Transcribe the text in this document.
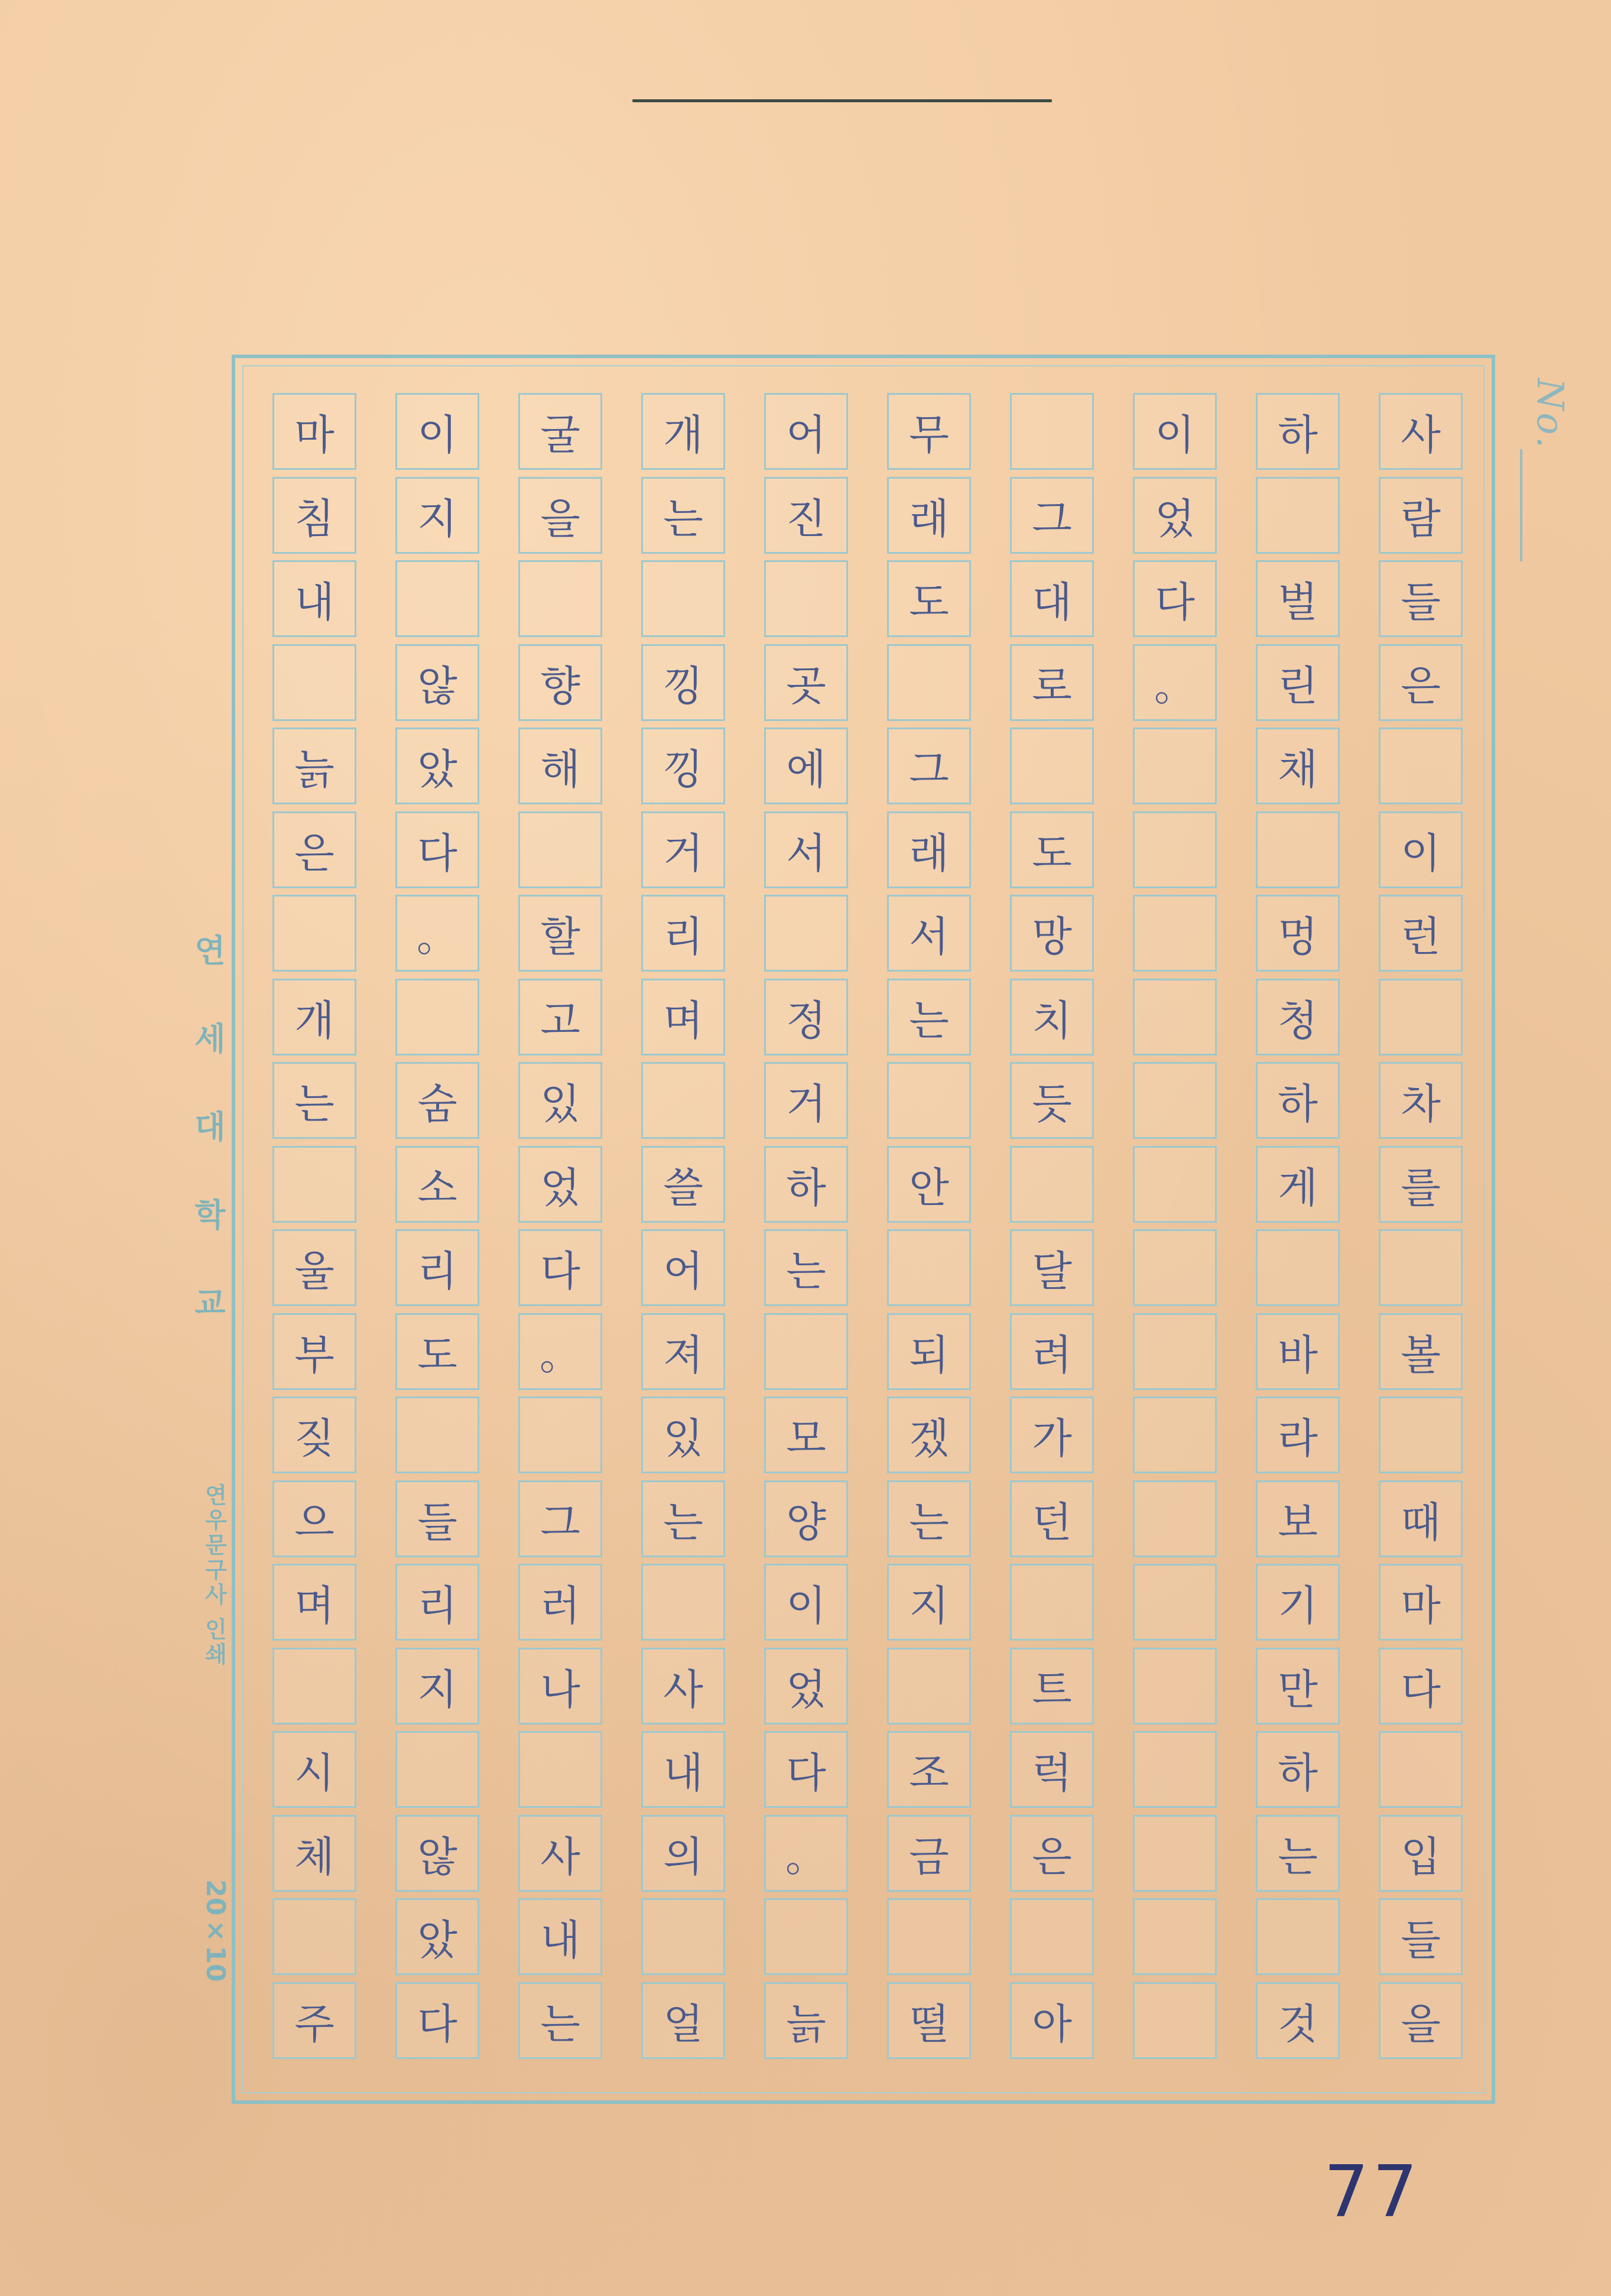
No.
사
람
들
은
이
런
차
를
볼
때
마
다
입
들
을
하
벌
린
채
멍
청
하
게
바
라
보
기
만
하
는
것
이
었
다
。
그
대
로
도
망
치
듯
달
려
가
던
트
럭
은
아
무
래
도
그
래
서
는
안
되
겠
는
지
조
금
떨
어
진
곳
에
서
정
거
하
는
모
양
이
었
다
。
늙
개
는
낑
낑
거
리
며
쓸
어
져
있
는
사
내
의
얼
굴
을
향
해
할
고
있
었
다
。
그
러
나
사
내
는
이
지
않
았
다
。
숨
소
리
도
들
리
지
않
았
다
마
침
내
늙
은
개
는
울
부
짖
으
며
시
체
주
연세대학교
연우문구사 인쇄
20×10
77
